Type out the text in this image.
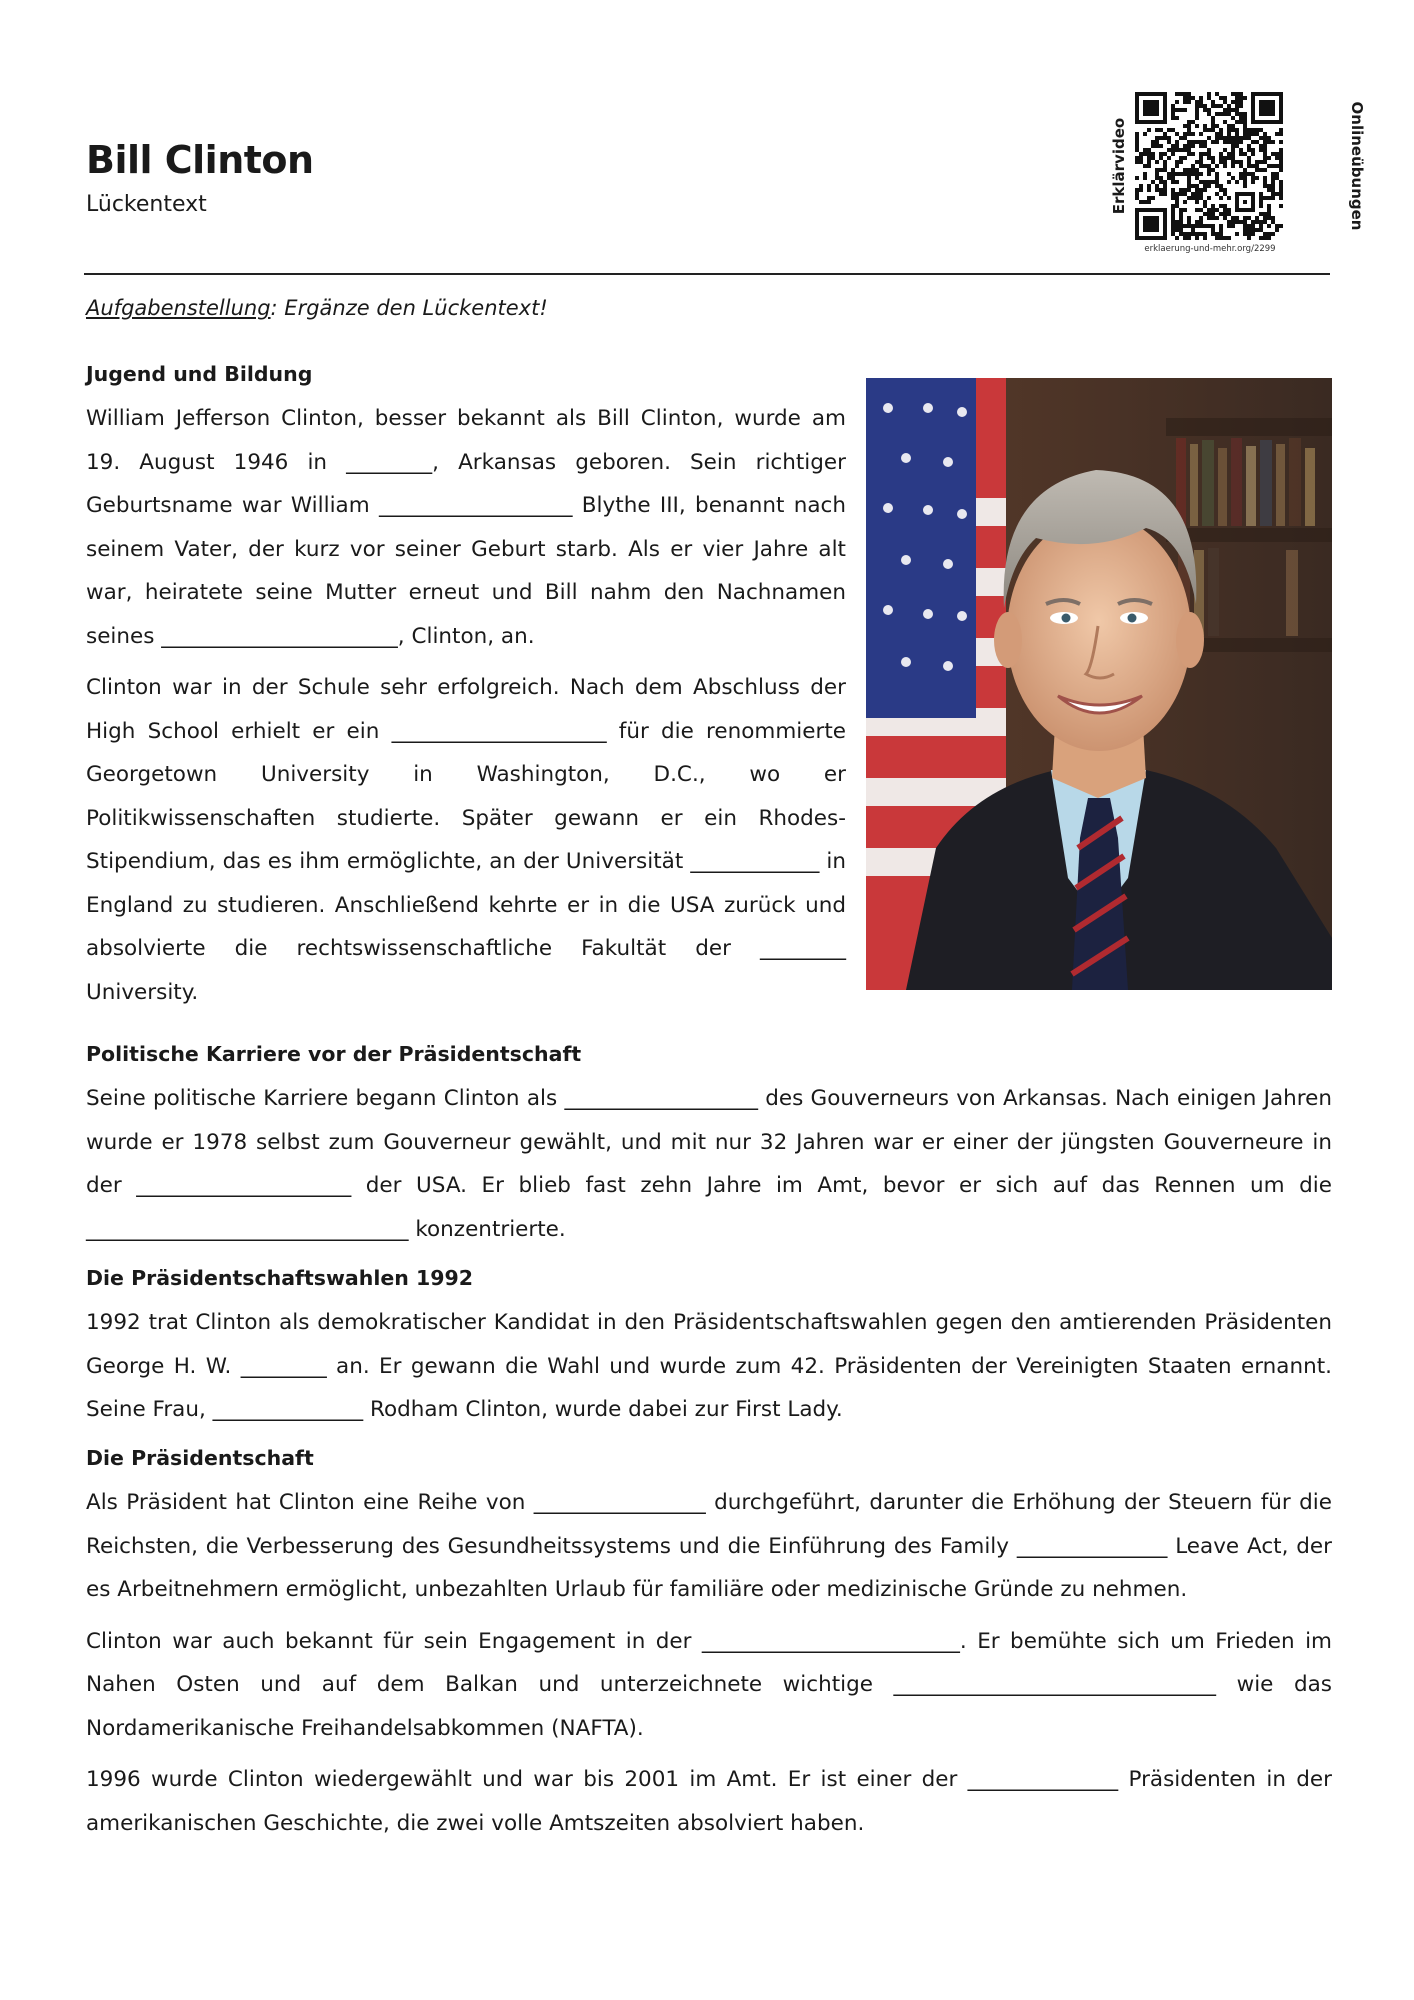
Bill Clinton
Lückentext	Erklärvideo
erklaerung-und-mehr.org/2299
Onlineübungen
Aufgabenstellung: Ergänze den Lückentext!
Jugend und Bildung

William Jefferson Clinton, besser bekannt als Bill Clinton, wurde am 19. August 1946 in ________, Arkansas geboren. Sein richtiger Geburtsname war William __________________ Blythe III, benannt nach seinem Vater, der kurz vor seiner Geburt starb. Als er vier Jahre alt war, heiratete seine Mutter erneut und Bill nahm den Nachnamen seines ______________________, Clinton, an.

Clinton war in der Schule sehr erfolgreich. Nach dem Abschluss der High School erhielt er ein ____________________ für die renommierte Georgetown University in Washington, D.C., wo er Politikwissenschaften studierte. Später gewann er ein Rhodes-Stipendium, das es ihm ermöglichte, an der Universität ____________ in England zu studieren. Anschließend kehrte er in die USA zurück und absolvierte die rechtswissenschaftliche Fakultät der ________ University.

Politische Karriere vor der Präsidentschaft

Seine politische Karriere begann Clinton als __________________ des Gouverneurs von Arkansas. Nach einigen Jahren wurde er 1978 selbst zum Gouverneur gewählt, und mit nur 32 Jahren war er einer der jüngsten Gouverneure in der ____________________ der USA. Er blieb fast zehn Jahre im Amt, bevor er sich auf das Rennen um die ______________________________ konzentrierte.

Die Präsidentschaftswahlen 1992

1992 trat Clinton als demokratischer Kandidat in den Präsidentschaftswahlen gegen den amtierenden Präsidenten George H. W. ________ an. Er gewann die Wahl und wurde zum 42. Präsidenten der Vereinigten Staaten ernannt. Seine Frau, ______________ Rodham Clinton, wurde dabei zur First Lady.

Die Präsidentschaft

Als Präsident hat Clinton eine Reihe von ________________ durchgeführt, darunter die Erhöhung der Steuern für die Reichsten, die Verbesserung des Gesundheitssystems und die Einführung des Family ______________ Leave Act, der es Arbeitnehmern ermöglicht, unbezahlten Urlaub für familiäre oder medizinische Gründe zu nehmen.

Clinton war auch bekannt für sein Engagement in der ________________________. Er bemühte sich um Frieden im Nahen Osten und auf dem Balkan und unterzeichnete wichtige ______________________________ wie das Nordamerikanische Freihandelsabkommen (NAFTA).

1996 wurde Clinton wiedergewählt und war bis 2001 im Amt. Er ist einer der ______________ Präsidenten in der amerikanischen Geschichte, die zwei volle Amtszeiten absolviert haben.
